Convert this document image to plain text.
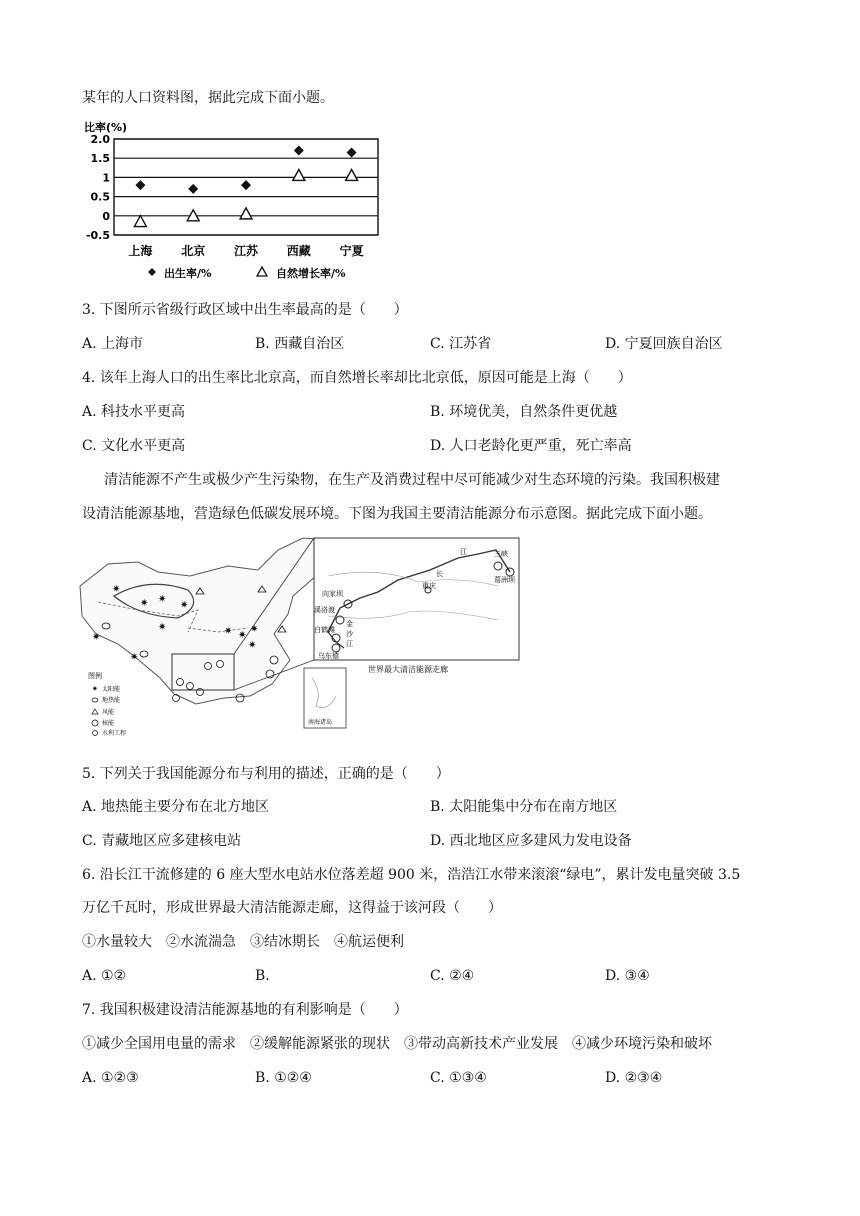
某年的人口资料图，据此完成下面小题。
2.0
1.5
1
0.5
0
-0.5
比率(%)
上海 北京 江苏 西藏 宁夏
出生率/%	自然增长率/%
3. 下图所示省级行政区域中出生率最高的是（　　）
A. 上海市	B. 西藏自治区	C. 江苏省	D. 宁夏回族自治区
4. 该年上海人口的出生率比北京高，而自然增长率却比北京低，原因可能是上海（　　）
A. 科技水平更高	B. 环境优美，自然条件更优越
C. 文化水平更高	D. 人口老龄化更严重，死亡率高
清洁能源不产生或极少产生污染物，在生产及消费过程中尽可能减少对生态环境的污染。我国积极建
设清洁能源基地，营造绿色低碳发展环境。下图为我国主要清洁能源分布示意图。据此完成下面小题。
三峡
葛洲坝
向家坝
溪洛渡
白鹤滩
乌东德
重庆
江
长
金
沙
江
世界最大清洁能源走廊
南海诸岛
✷
✷ ✷
✷
✷
✷
✷
✷ ✷
✷
✷
图例
✷ 太阳能
地热能
风能
核能
水利工程
5. 下列关于我国能源分布与利用的描述，正确的是（　　）
A. 地热能主要分布在北方地区	B. 太阳能集中分布在南方地区
C. 青藏地区应多建核电站	D. 西北地区应多建风力发电设备
6. 沿长江干流修建的 6 座大型水电站水位落差超 900 米，浩浩江水带来滚滚“绿电”，累计发电量突破 3.5
万亿千瓦时，形成世界最大清洁能源走廊，这得益于该河段（　　）
①水量较大　②水流湍急　③结冰期长　④航运便利
A. ①②	B.	C. ②④	D. ③④
7. 我国积极建设清洁能源基地的有利影响是（　　）
①减少全国用电量的需求　②缓解能源紧张的现状　③带动高新技术产业发展　④减少环境污染和破坏
A. ①②③	B. ①②④	C. ①③④	D. ②③④
